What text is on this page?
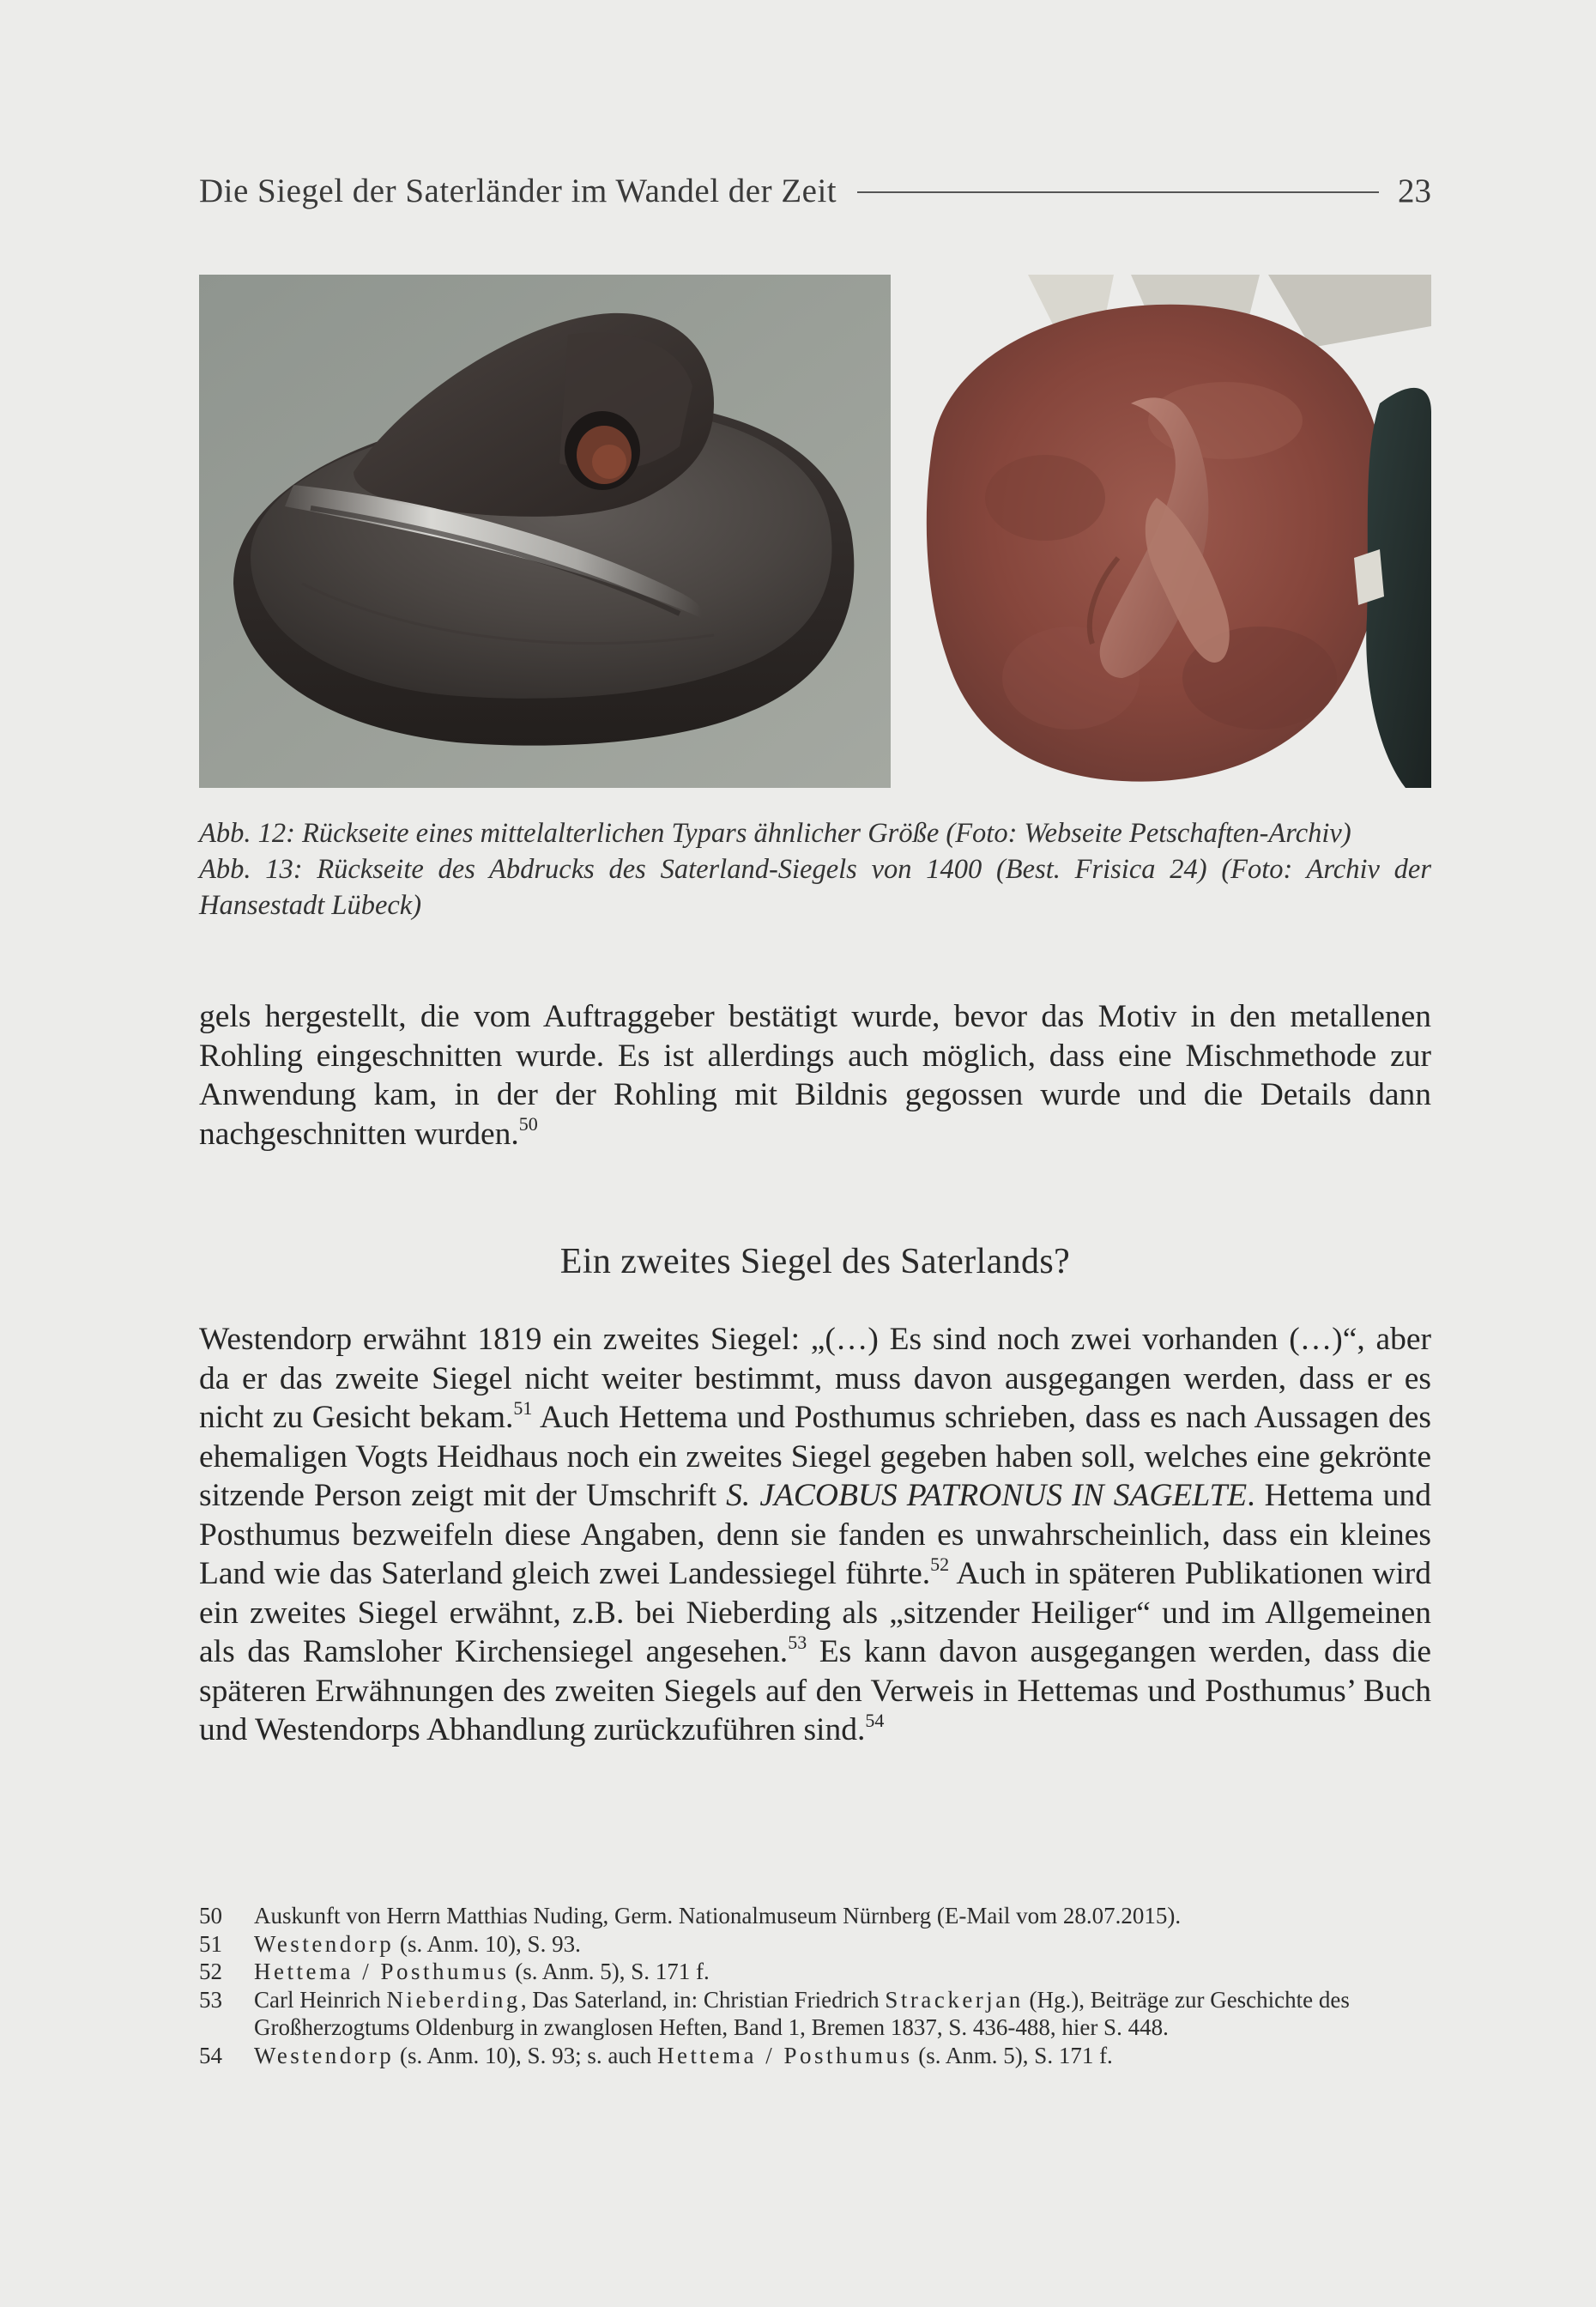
Die Siegel der Saterländer im Wandel der Zeit	23

Abb. 12: Rückseite eines mittelalterlichen Typars ähnlicher Größe (Foto: Webseite Petschaften-Archiv)

Abb. 13: Rückseite des Abdrucks des Saterland-Siegels von 1400 (Best. Frisica 24) (Foto: Archiv der Hansestadt Lübeck)

gels hergestellt, die vom Auftraggeber bestätigt wurde, bevor das Motiv in den metallenen Rohling eingeschnitten wurde. Es ist allerdings auch möglich, dass eine Mischmethode zur Anwendung kam, in der der Rohling mit Bildnis gegossen wurde und die Details dann nachgeschnitten wurden.$^{50}$

Ein zweites Siegel des Saterlands?

Westendorp erwähnt 1819 ein zweites Siegel: „(…) Es sind noch zwei vorhanden (…)“, aber da er das zweite Siegel nicht weiter bestimmt, muss davon ausgegangen werden, dass er es nicht zu Gesicht bekam.$^{51}$ Auch Hettema und Posthumus schrieben, dass es nach Aussagen des ehemaligen Vogts Heidhaus noch ein zweites Siegel gegeben haben soll, welches eine gekrönte sitzende Person zeigt mit der Umschrift S. JACOBUS PATRONUS IN SAGELTE. Hettema und Posthumus bezweifeln diese Angaben, denn sie fanden es unwahrscheinlich, dass ein kleines Land wie das Saterland gleich zwei Landessiegel führte.$^{52}$ Auch in späteren Publikationen wird ein zweites Siegel erwähnt, z.B. bei Nieberding als „sitzender Heiliger“ und im Allgemeinen als das Ramsloher Kirchensiegel angesehen.$^{53}$ Es kann davon ausgegangen werden, dass die späteren Erwähnungen des zweiten Siegels auf den Verweis in Hettemas und Posthumus’ Buch und Westendorps Abhandlung zurückzuführen sind.$^{54}$

50	Auskunft von Herrn Matthias Nuding, Germ. Nationalmuseum Nürnberg (E-Mail vom 28.07.2015).

51	Westendorp (s. Anm. 10), S. 93.

52	Hettema / Posthumus (s. Anm. 5), S. 171 f.

53	Carl Heinrich Nieberding, Das Saterland, in: Christian Friedrich Strackerjan (Hg.), Beiträge zur Geschichte des Großherzogtums Oldenburg in zwanglosen Heften, Band 1, Bremen 1837, S. 436-488, hier S. 448.

54	Westendorp (s. Anm. 10), S. 93; s. auch Hettema / Posthumus (s. Anm. 5), S. 171 f.
